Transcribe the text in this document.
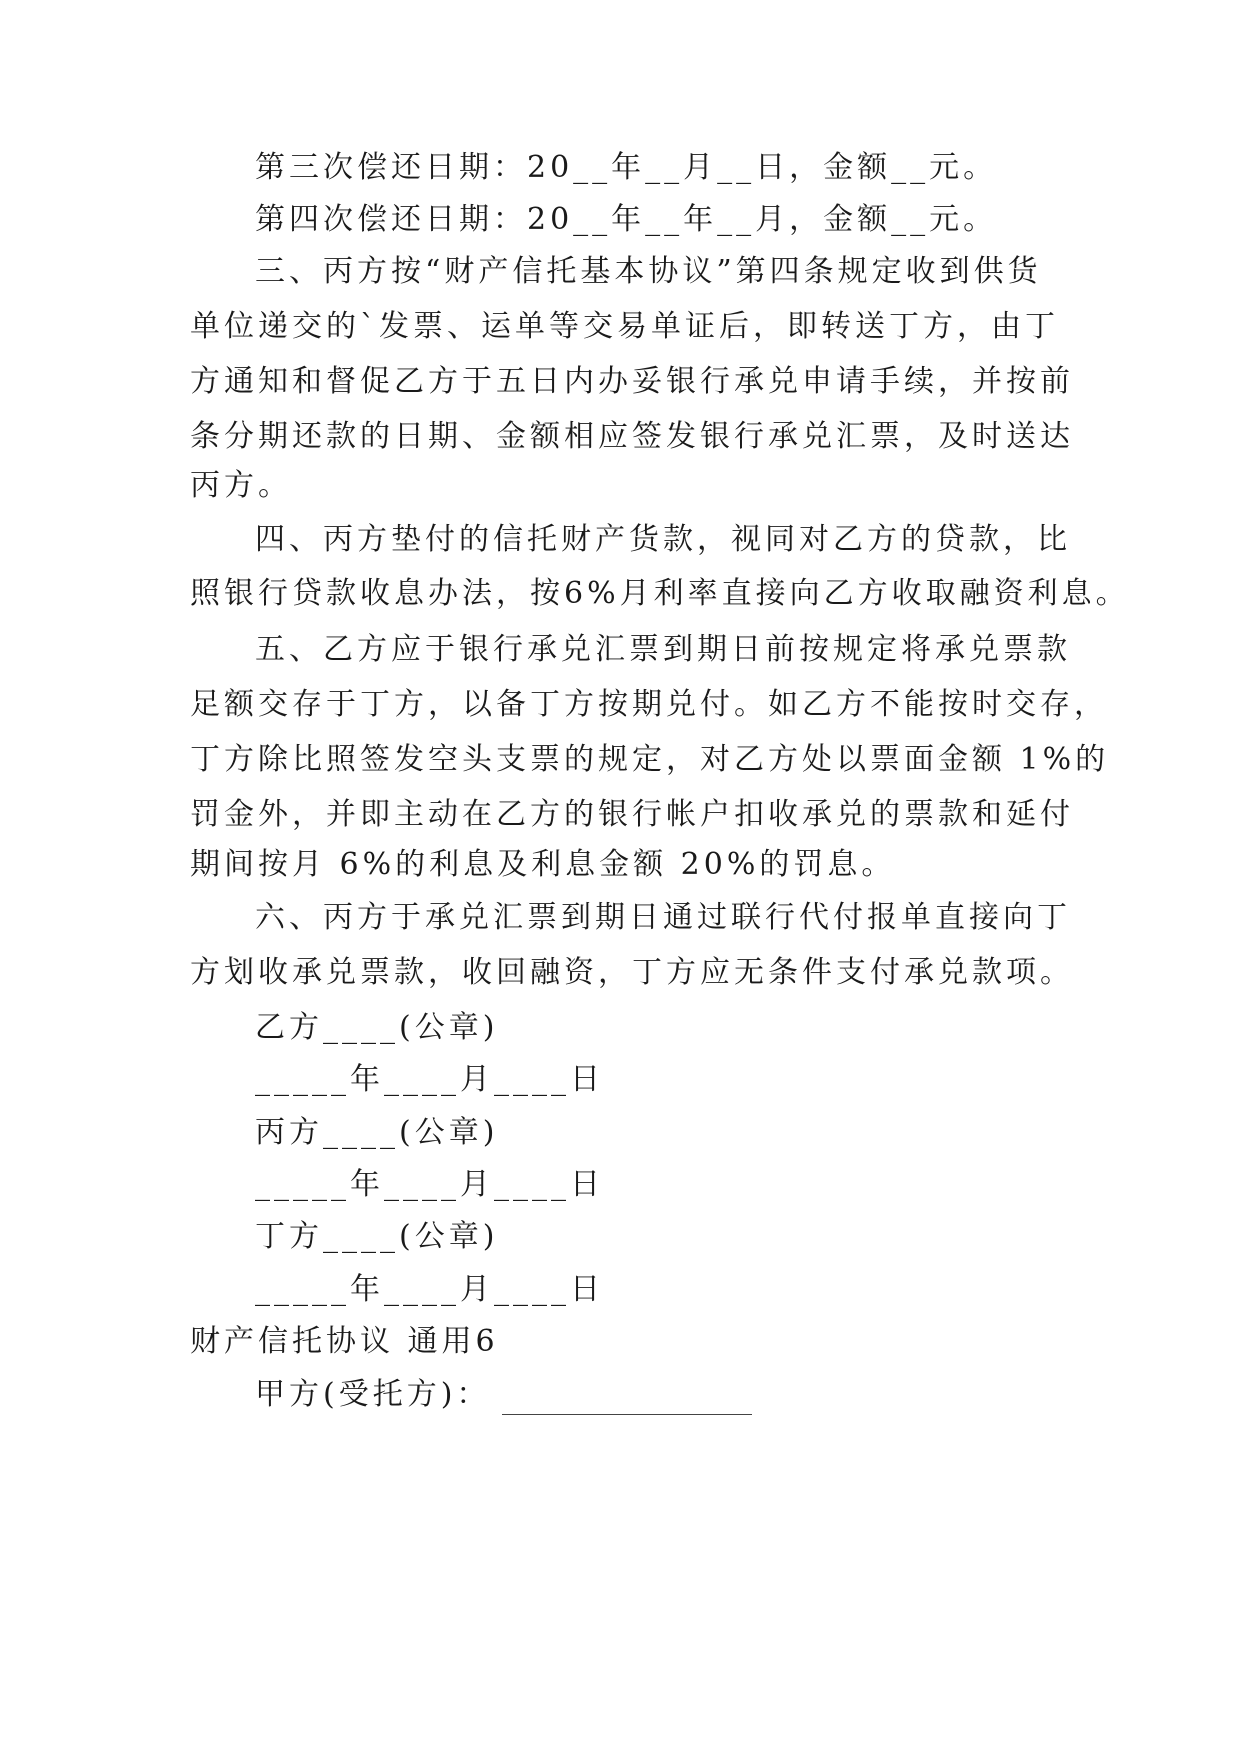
第三次偿还日期：20__年__月__日，金额__元。
第四次偿还日期：20__年__年__月，金额__元。
三、丙方按“财产信托基本协议”第四条规定收到供货
单位递交的`发票、运单等交易单证后，即转送丁方，由丁
方通知和督促乙方于五日内办妥银行承兑申请手续，并按前
条分期还款的日期、金额相应签发银行承兑汇票，及时送达
丙方。
四、丙方垫付的信托财产货款，视同对乙方的贷款，比
照银行贷款收息办法，按6%月利率直接向乙方收取融资利息。
五、乙方应于银行承兑汇票到期日前按规定将承兑票款
足额交存于丁方，以备丁方按期兑付。如乙方不能按时交存，
丁方除比照签发空头支票的规定，对乙方处以票面金额 1%的
罚金外，并即主动在乙方的银行帐户扣收承兑的票款和延付
期间按月 6%的利息及利息金额 20%的罚息。
六、丙方于承兑汇票到期日通过联行代付报单直接向丁
方划收承兑票款，收回融资，丁方应无条件支付承兑款项。
乙方____(公章)
_____年____月____日
丙方____(公章)
_____年____月____日
丁方____(公章)
_____年____月____日
财产信托协议 通用6
甲方(受托方)：
